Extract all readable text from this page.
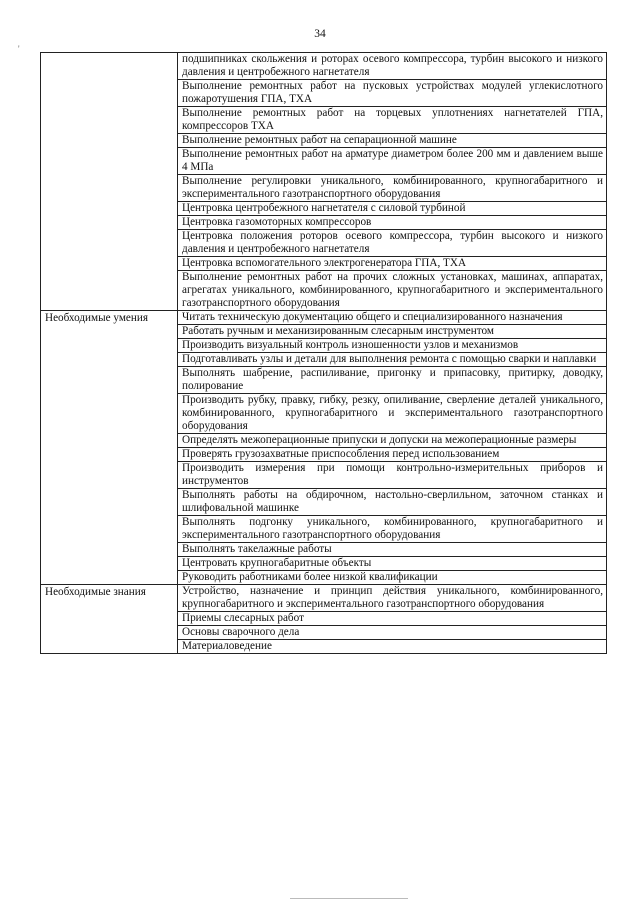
34
'
	подшипниках скольжения и роторах осевого компрессора, турбин высокого и низкого давления и центробежного нагнетателя
	Выполнение ремонтных работ на пусковых устройствах модулей углекислотного пожаротушения ГПА, ТХА
	Выполнение ремонтных работ на торцевых уплотнениях нагнетателей ГПА, компрессоров ТХА
	Выполнение ремонтных работ на сепарационной машине
	Выполнение ремонтных работ на арматуре диаметром более 200 мм и давлением выше 4 МПа
	Выполнение регулировки уникального, комбинированного, крупногабаритного и экспериментального газотранспортного оборудования
	Центровка центробежного нагнетателя с силовой турбиной
	Центровка газомоторных компрессоров
	Центровка положения роторов осевого компрессора, турбин высокого и низкого давления и центробежного нагнетателя
	Центровка вспомогательного электрогенератора ГПА, ТХА
	Выполнение ремонтных работ на прочих сложных установках, машинах, аппаратах, агрегатах уникального, комбинированного, крупногабаритного и экспериментального газотранспортного оборудования
Необходимые умения	Читать техническую документацию общего и специализированного назначения
	Работать ручным и механизированным слесарным инструментом
	Производить визуальный контроль изношенности узлов и механизмов
	Подготавливать узлы и детали для выполнения ремонта с помощью сварки и наплавки
	Выполнять шабрение, распиливание, пригонку и припасовку, притирку, доводку, полирование
	Производить рубку, правку, гибку, резку, опиливание, сверление деталей уникального, комбинированного, крупногабаритного и экспериментального газотранспортного оборудования
	Определять межоперационные припуски и допуски на межоперационные размеры
	Проверять грузозахватные приспособления перед использованием
	Производить измерения при помощи контрольно-измерительных приборов и инструментов
	Выполнять работы на обдирочном, настольно-сверлильном, заточном станках и шлифовальной машинке
	Выполнять подгонку уникального, комбинированного, крупногабаритного и экспериментального газотранспортного оборудования
	Выполнять такелажные работы
	Центровать крупногабаритные объекты
	Руководить работниками более низкой квалификации
Необходимые знания	Устройство, назначение и принцип действия уникального, комбинированного, крупногабаритного и экспериментального газотранспортного оборудования
	Приемы слесарных работ
	Основы сварочного дела
	Материаловедение
